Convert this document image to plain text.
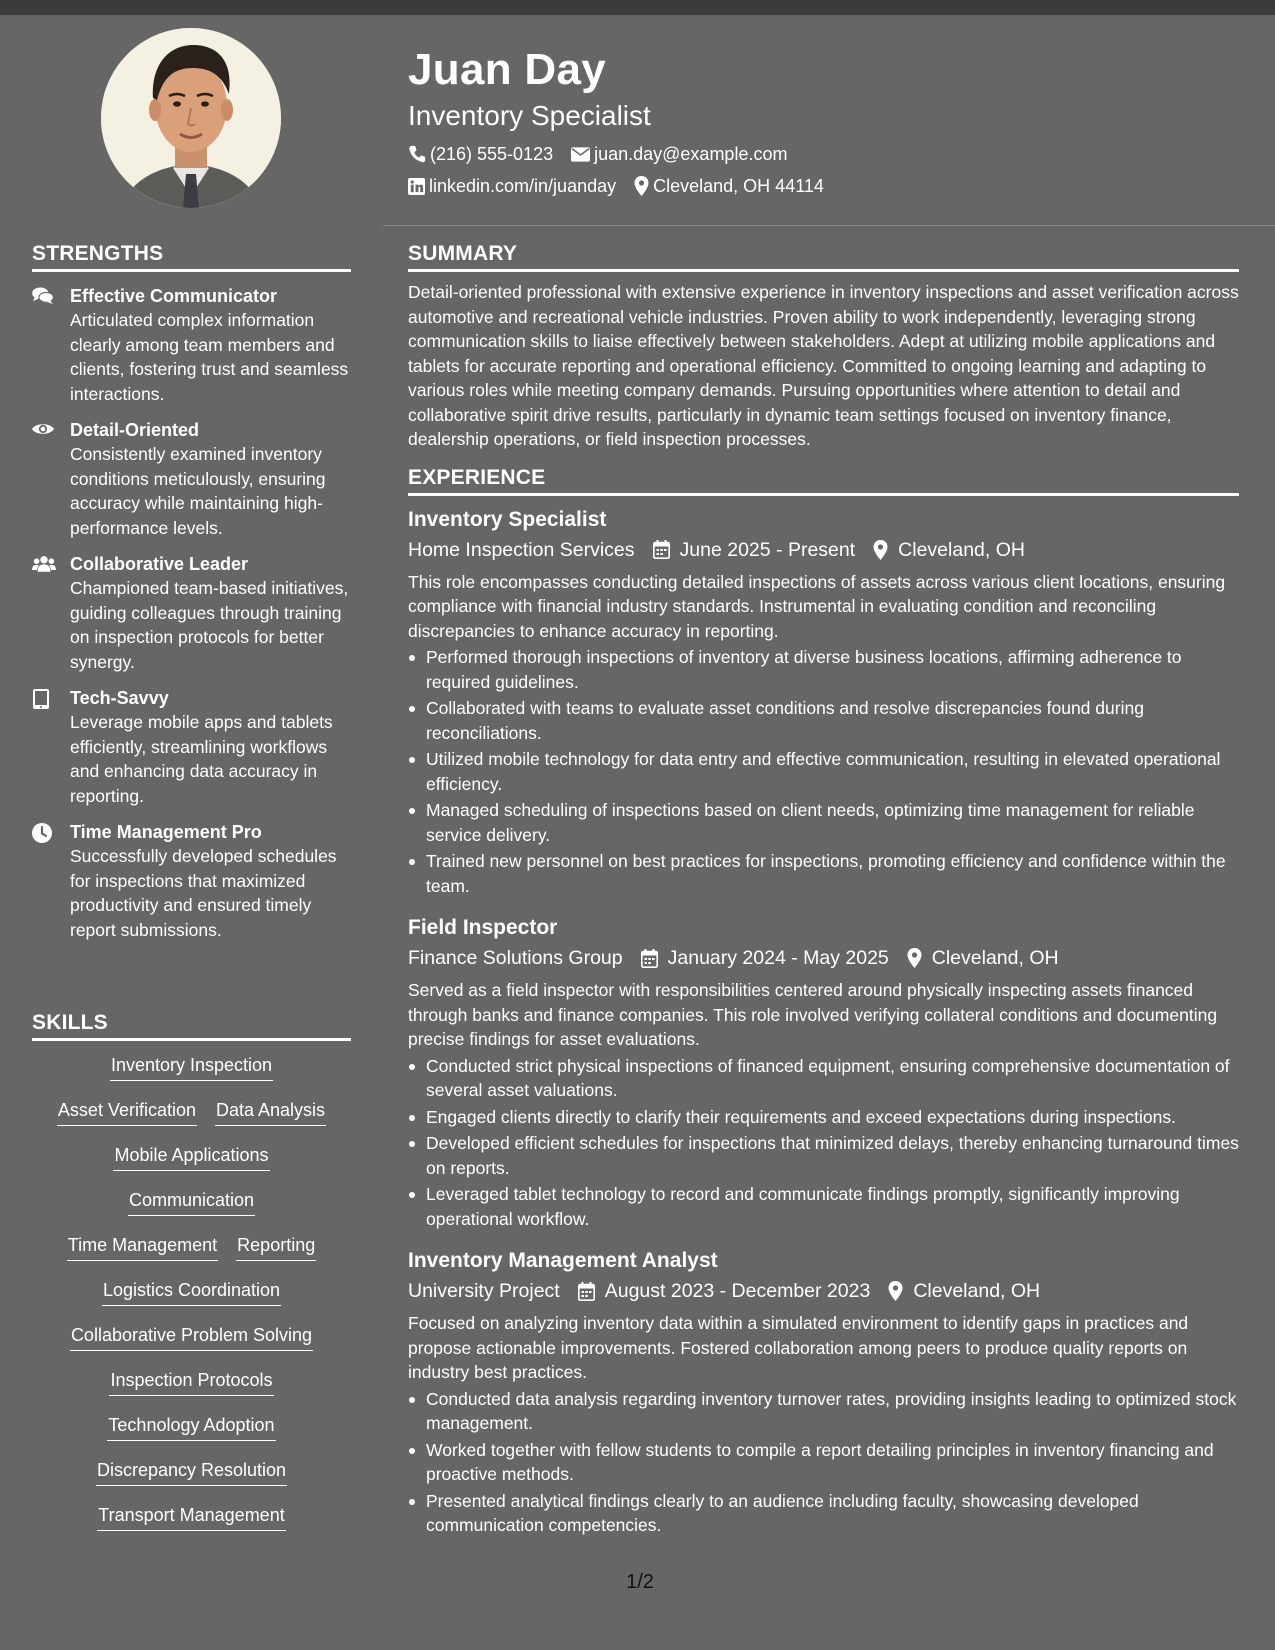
Juan Day
Inventory Specialist
(216) 555-0123 juan.day@example.com
linkedin.com/in/juanday Cleveland, OH 44114
STRENGTHS
Effective Communicator
Articulated complex information clearly among team members and clients, fostering trust and seamless interactions.
Detail-Oriented
Consistently examined inventory conditions meticulously, ensuring accuracy while maintaining high-performance levels.
Collaborative Leader
Championed team-based initiatives, guiding colleagues through training on inspection protocols for better synergy.
Tech-Savvy
Leverage mobile apps and tablets efficiently, streamlining workflows and enhancing data accuracy in reporting.
Time Management Pro
Successfully developed schedules for inspections that maximized productivity and ensured timely report submissions.
SKILLS
Inventory Inspection
Asset Verification Data Analysis
Mobile Applications
Communication
Time Management Reporting
Logistics Coordination
Collaborative Problem Solving
Inspection Protocols
Technology Adoption
Discrepancy Resolution
Transport Management
SUMMARY
Detail-oriented professional with extensive experience in inventory inspections and asset verification across automotive and recreational vehicle industries. Proven ability to work independently, leveraging strong communication skills to liaise effectively between stakeholders. Adept at utilizing mobile applications and tablets for accurate reporting and operational efficiency. Committed to ongoing learning and adapting to various roles while meeting company demands. Pursuing opportunities where attention to detail and collaborative spirit drive results, particularly in dynamic team settings focused on inventory finance, dealership operations, or field inspection processes.
EXPERIENCE
Inventory Specialist
Home Inspection Services June 2025 - Present Cleveland, OH
This role encompasses conducting detailed inspections of assets across various client locations, ensuring compliance with financial industry standards. Instrumental in evaluating condition and reconciling discrepancies to enhance accuracy in reporting.
Performed thorough inspections of inventory at diverse business locations, affirming adherence to required guidelines.
Collaborated with teams to evaluate asset conditions and resolve discrepancies found during reconciliations.
Utilized mobile technology for data entry and effective communication, resulting in elevated operational efficiency.
Managed scheduling of inspections based on client needs, optimizing time management for reliable service delivery.
Trained new personnel on best practices for inspections, promoting efficiency and confidence within the team.
Field Inspector
Finance Solutions Group January 2024 - May 2025 Cleveland, OH
Served as a field inspector with responsibilities centered around physically inspecting assets financed through banks and finance companies. This role involved verifying collateral conditions and documenting precise findings for asset evaluations.
Conducted strict physical inspections of financed equipment, ensuring comprehensive documentation of several asset valuations.
Engaged clients directly to clarify their requirements and exceed expectations during inspections.
Developed efficient schedules for inspections that minimized delays, thereby enhancing turnaround times on reports.
Leveraged tablet technology to record and communicate findings promptly, significantly improving operational workflow.
Inventory Management Analyst
University Project August 2023 - December 2023 Cleveland, OH
Focused on analyzing inventory data within a simulated environment to identify gaps in practices and propose actionable improvements. Fostered collaboration among peers to produce quality reports on industry best practices.
Conducted data analysis regarding inventory turnover rates, providing insights leading to optimized stock management.
Worked together with fellow students to compile a report detailing principles in inventory financing and proactive methods.
Presented analytical findings clearly to an audience including faculty, showcasing developed communication competencies.
1/2
